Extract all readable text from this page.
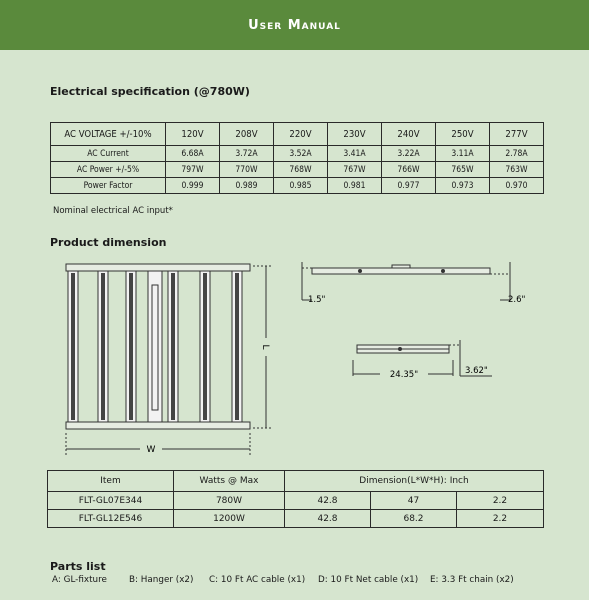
User Manual
Electrical specification (@780W)
AC VOLTAGE +/-10%	120V	208V	220V	230V	240V	250V	277V
AC Current	6.68A	3.72A	3.52A	3.41A	3.22A	3.11A	2.78A
AC Power +/-5%	797W	770W	768W	767W	766W	765W	763W
Power Factor	0.999	0.989	0.985	0.981	0.977	0.973	0.970
Nominal electrical AC input*
Product dimension
W
L
1.5"	2.6"
24.35"	3.62"
Item	Watts @ Max	Dimension(L*W*H): Inch		
FLT-GL07E344	780W	42.8	47	2.2
FLT-GL12E546	1200W	42.8	68.2	2.2
Parts list
A: GL-fixture	B: Hanger (x2)	C: 10 Ft AC cable (x1)	D: 10 Ft Net cable (x1)	E: 3.3 Ft chain (x2)
